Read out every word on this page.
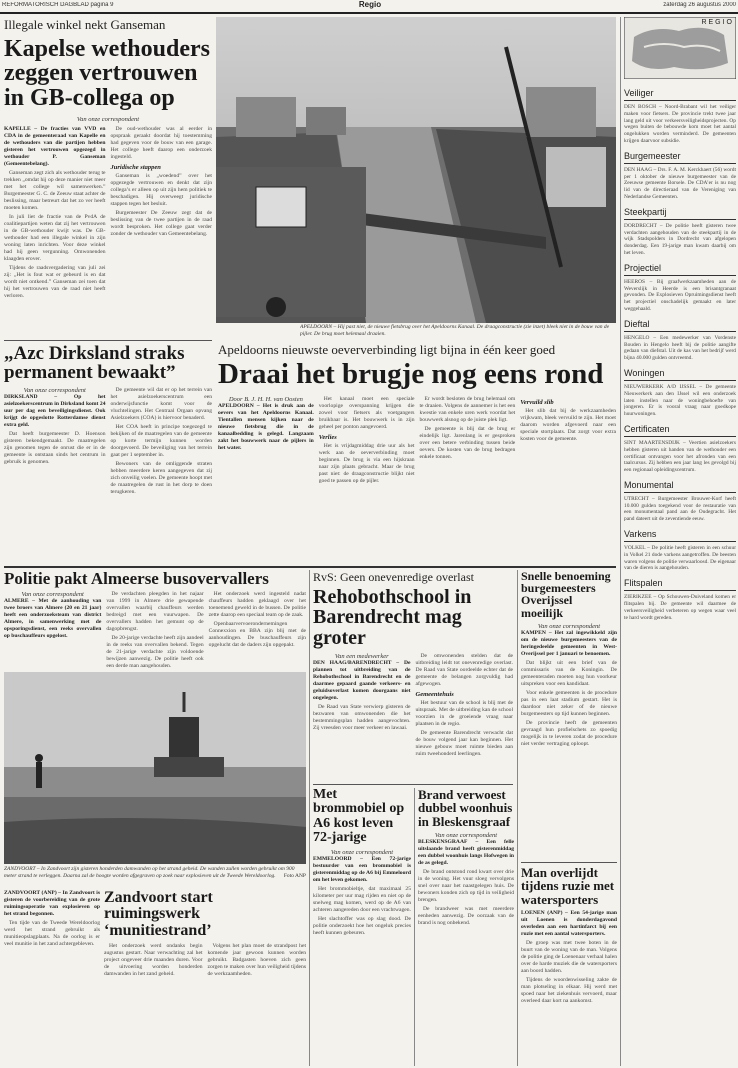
REFORMATORISCH DAGBLAD pagina 9	Regio	zaterdag 26 augustus 2000
Illegale winkel nekt Ganseman
Kapelse wethouders zeggen vertrouwen in GB-collega op
Van onze correspondent

KAPELLE – De fracties van VVD en CDA in de gemeenteraad van Kapelle en de wethouders van die partijen hebben gisteren het vertrouwen opgezegd in wethouder P. Ganseman (Gemeentebelang).

Ganseman zegt zich als wethouder terug te trekken „omdat hij op deze manier niet meer met het college wil samenwerken.” Burgemeester G. C. de Zeeuw staat achter de beslissing, maar betreurt dat het zo ver heeft moeten komen.

In juli liet de fractie van de PvdA de coalitiepartijen weten dat zij het vertrouwen in de GB-wethouder kwijt was. De GB-wethouder had een illegale winkel in zijn woning laten inrichten. Voor deze winkel had hij geen vergunning. Omwonenden klaagden erover.

Tijdens de raadsvergadering van juli zei zij: „Het is fout wat er gebeurd is en dat wordt niet ontkend.” Ganseman zei toen dat hij het vertrouwen van de raad niet heeft verloren.

De oud-wethouder was al eerder in opspraak geraakt doordat hij toestemming had gegeven voor de bouw van een garage. Het college heeft daarop een onderzoek ingesteld.

Juridische stappen

Ganseman is „woedend” over het opgezegde vertrouwen en denkt dat zijn collega’s er alleen op uit zijn hem politiek te beschadigen. Hij overweegt juridische stappen tegen het besluit.

Burgemeester De Zeeuw zegt dat de beslissing van de twee partijen in de raad wordt besproken. Het college gaat verder zonder de wethouder van Gemeentebelang.

„Azc Dirksland straks permanent bewaakt”
Van onze correspondent

DIRKSLAND – Op het asielzoekerscentrum in Dirksland komt 24 uur per dag een beveiligingsdienst. Ook krijgt de opgeslotte Rotterdamse dienst extra geld.

Dat heeft burgemeester D. Hoenson gisteren bekendgemaakt. De maatregelen zijn genomen tegen de onrust die er in de gemeente is ontstaan sinds het centrum in gebruik is genomen.

De gemeente wil dat er op het terrein van het asielzoekerscentrum een onderwijsfunctie komt voor de vluchtelingen. Het Centraal Orgaan opvang Asielzoekers (COA) is hiervoor benaderd.

Het COA heeft in principe toegezegd te bekijken of de maatregelen van de gemeente op korte termijn kunnen worden doorgevoerd. De beveiliging van het terrein gaat per 1 september in.

Bewoners van de omliggende straten hebben meerdere keren aangegeven dat zij zich onveilig voelen. De gemeente hoopt met de maatregelen de rust in het dorp te doen terugkeren.

APELDOORN – Hij past niet, de nieuwe fietsbrug over het Apeldoorns Kanaal. De draagconstructie (zie inzet) bleek niet in de bouw van de pijler. De brug moet helemaal draaien.
Apeldoorns nieuwste oeververbinding ligt bijna in één keer goed
Draai het brugje nog eens rond
Door B. J. H. H. van Oosten

APELDOORN – Het is druk aan de oevers van het Apeldoorns Kanaal. Tientallen mensen kijken naar de nieuwe fietsbrug die in de kanaalbedding is gelegd. Langzaam zakt het bouwwerk naar de pijlers in het water.

Het kanaal moet een speciale voorlopige overspanning krijgen die zowel voor fietsers als voetgangers bruikbaar is. Het bouwwerk is in zijn geheel per ponton aangevoerd.

Verlies

Het is vrijdagmiddag drie uur als het werk aan de oeververbinding moet beginnen. De brug is via een hijskraan naar zijn plaats gebracht. Maar de brug past niet: de draagconstructie blijkt niet goed te passen op de pijler.

Er wordt besloten de brug helemaal om te draaien. Volgens de aannemer is het een kwestie van enkele uren werk voordat het bouwwerk alsnog op de juiste plek ligt.

De gemeente is blij dat de brug er eindelijk ligt. Jarenlang is er gesproken over een betere verbinding tussen beide oevers. De kosten van de brug bedragen enkele tonnen.

Vervuild slib

Het slib dat bij de werkzaamheden vrijkwam, bleek vervuild te zijn. Het moet daarom worden afgevoerd naar een speciale stortplaats. Dat zorgt voor extra kosten voor de gemeente.

Politie pakt Almeerse busovervallers
Van onze correspondent

ALMERE – Met de aanhouding van twee broers van Almere (20 en 21 jaar) heeft een onderzoeksteam van district Almere, in samenwerking met de opsporingsdienst, een reeks overvallen op buschauffeurs opgelost.

De verdachten pleegden in het najaar van 1999 in Almere drie gewapende overvallen waarbij chauffeurs werden bedreigd met een vuurwapen. De overvallers hadden het gemunt op de dagopbrengst.

De 20-jarige verdachte heeft zijn aandeel in de reeks van overvallen bekend. Tegen de 21-jarige verdachte zijn voldoende bewijzen aanwezig. De politie heeft ook een derde man aangehouden.

Het onderzoek werd ingesteld nadat chauffeurs hadden geklaagd over het toenemend geweld in de bussen. De politie zette daarop een speciaal team op de zaak.

Openbaarvervoerondernemingen Connexxion en BBA zijn blij met de aanhoudingen. De buschauffeurs zijn opgelucht dat de daders zijn opgepakt.

ZANDVOORT – In Zandvoort zijn gisteren honderden damwanden op het strand geheid. De wanden zullen worden gebruikt om 900 meter strand te verleggen. Daarna zal de hoogte worden afgegraven op zoek naar explosieven uit de Tweede Wereldoorlog. Foto ANP

ZANDVOORT (ANP) – In Zandvoort is gisteren de voorbereiding van de grote ruimingsoperatie van explosieven op het strand begonnen.

Ten tijde van de Tweede Wereldoorlog werd het strand gebruikt als munitieopslagplaats. Na de oorlog is er veel munitie in het zand achtergebleven.

Zandvoort start ruimingswerk ‘munitiestrand’

Het onderzoek werd ondanks begin augustus gestart. Naar verwachting zal het project ongeveer drie maanden duren. Voor de uitvoering worden honderden damwanden in het zand geheid.

Volgens het plan moet de strandpost het komende jaar gewoon kunnen worden gebruikt. Badgasten hoeven zich geen zorgen te maken over hun veiligheid tijdens de werkzaamheden.

RvS: Geen onevenredige overlast
Rehobothschool in Barendrecht mag groter
Van een medewerker

DEN HAAG/BARENDRECHT – De plannen tot uitbreiding van de Rehobothschool in Barendrecht en de daarmee gepaard gaande verkeers- en geluidsoverlast komen doorgaans niet ongelegen.

De Raad van State verwierp gisteren de bezwaren van omwonenden die het bestemmingsplan hadden aangevochten. Zij vreesden voor meer verkeer en lawaai.

De omwonenden stelden dat de uitbreiding leidt tot onevenredige overlast. De Raad van State oordeelde echter dat de gemeente de belangen zorgvuldig had afgewogen.

Gemeentehuis

Het bestuur van de school is blij met de uitspraak. Met de uitbreiding kan de school voorzien in de groeiende vraag naar plaatsen in de regio.

De gemeente Barendrecht verwacht dat de bouw volgend jaar kan beginnen. Het nieuwe gebouw moet ruimte bieden aan ruim tweehonderd leerlingen.

Met brommobiel op A6 kost leven 72-jarige
Van onze correspondent

EMMELOORD – Een 72-jarige bestuurder van een brommobiel is gisterenmiddag op de A6 bij Emmeloord om het leven gekomen.

Het brommobieltje, dat maximaal 25 kilometer per uur mag rijden en niet op de snelweg mag komen, werd op de A6 van achteren aangereden door een vrachtwagen.

Het slachtoffer was op slag dood. De politie onderzoekt hoe het ongeluk precies heeft kunnen gebeuren.

Brand verwoest dubbel woonhuis in Bleskensgraaf
Van onze correspondent

BLESKENSGRAAF – Een felle uitslaande brand heeft gisterenmiddag een dubbel woonhuis langs Hofwegen in de as gelegd.

De brand ontstond rond kwart over drie in de woning. Het vuur sloeg vervolgens snel over naar het naastgelegen huis. De bewoners konden zich op tijd in veiligheid brengen.

De brandweer was met meerdere eenheden aanwezig. De oorzaak van de brand is nog onbekend.

Snelle benoeming burgemeesters Overijssel moeilijk
Van onze correspondent

KAMPEN – Het zal ingewikkeld zijn om de nieuwe burgemeesters van de heringedeelde gemeenten in West-Overijssel per 1 januari te benoemen.

Dat blijkt uit een brief van de commissaris van de Koningin. De gemeenteraden moeten nog hun voorkeur uitspreken voor een kandidaat.

Voor enkele gemeenten is de procedure pas in een laat stadium gestart. Het is daardoor niet zeker of de nieuwe burgemeesters op tijd kunnen beginnen.

De provincie heeft de gemeenten gevraagd hun profielschets zo spoedig mogelijk in te leveren zodat de procedure niet verder vertraging oploopt.

Man overlijdt tijdens ruzie met watersporters

LOENEN (ANP) – Een 54-jarige man uit Loenen is donderdagavond overleden aan een hartinfarct bij een ruzie met een aantal watersporters.

De groep was met twee boten in de buurt van de woning van de man. Volgens de politie ging de Loenenaar verhaal halen over de harde muziek die de watersporters aan boord hadden.

Tijdens de woordenwisseling zakte de man plotseling in elkaar. Hij werd met spoed naar het ziekenhuis vervoerd, maar overleed daar kort na aankomst.

REGIO
Veiliger
DEN BOSCH – Noord-Brabant wil het veiliger maken voor fietsers. De provincie trekt twee jaar lang geld uit voor verkeersveiligheidsprojecten. Op wegen buiten de bebouwde kom moet het aantal ongelukken worden verminderd. De gemeenten krijgen daarvoor subsidie.
Burgemeester
DEN HAAG – Drs. F. A. M. Kerckhaert (56) wordt per 1 oktober de nieuwe burgemeester van de Zeeuwse gemeente Borsele. De CDA’er is nu nog lid van de directieraad van de Vereniging van Nederlandse Gemeenten.
Steekpartij
DORDRECHT – De politie heeft gisteren twee verdachten aangehouden van de steekpartij in de wijk Stadspolders in Dordrecht van afgelopen donderdag. Een 19-jarige man kwam daarbij om het leven.
Projectiel
HEEROS – Bij graafwerkzaamheden aan de Weverslijk in Heerde is een brisantgranaat gevonden. De Explosieven Opruimingsdienst heeft het projectiel onschadelijk gemaakt en later weggehaald.
Dieftal
HENGELO – Een medewerker van Vordenste Bouden in Hengelo heeft bij de politie aangifte gedaan van diefstal. Uit de kas van het bedrijf werd bijna 40.000 gulden ontvreemd.
Woningen
NIEUWERKERK A/D IJSSEL – De gemeente Nieuwerkerk aan den IJssel wil een onderzoek laten instellen naar de woningbehoefte van jongeren. Er is vooral vraag naar goedkope huurwoningen.
Certificaten
SINT MAARTENSDIJK – Veertien asielzoekers hebben gisteren uit handen van de wethouder een certificaat ontvangen voor het afronden van een taalcursus. Zij hebben een jaar lang les gevolgd bij een regionaal opleidingscentrum.
Monumental
UTRECHT – Burgemeester Brouwer-Korf heeft 10.000 gulden toegekend voor de restauratie van een monumentaal pand aan de Oudegracht. Het pand dateert uit de zeventiende eeuw.
Varkens
VOLKEL – De politie heeft gisteren in een schuur in Volkel 21 dode varkens aangetroffen. De beesten waren volgens de politie verwaarloosd. De eigenaar van de dieren is aangehouden.
Flitspalen
ZIERIKZEE – Op Schouwen-Duiveland komen er flitspalen bij. De gemeente wil daarmee de verkeersveiligheid verbeteren op wegen waar veel te hard wordt gereden.
